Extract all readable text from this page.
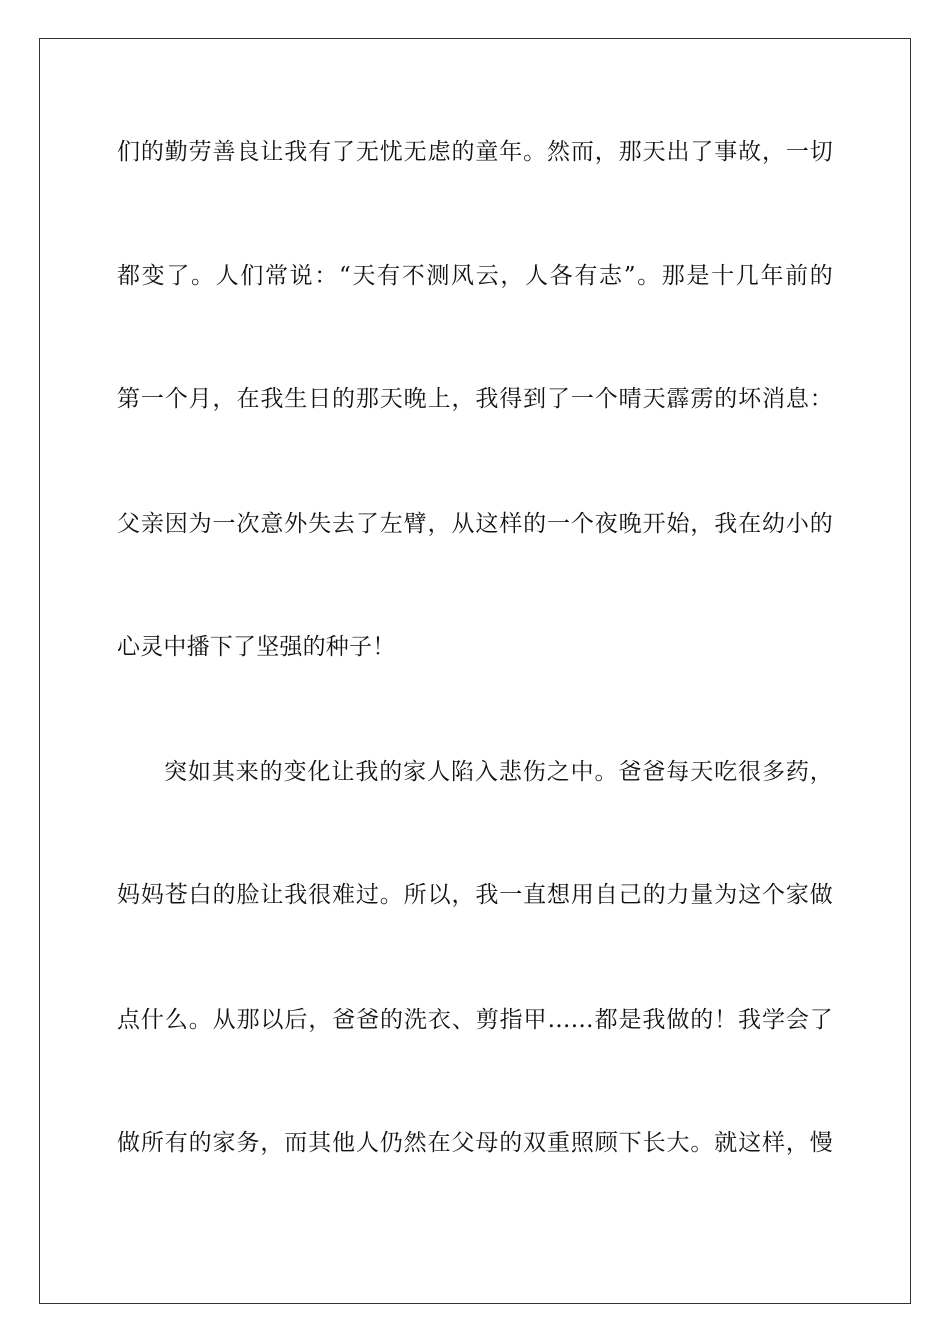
们的勤劳善良让我有了无忧无虑的童年。然而，那天出了事故，一切
都变了。人们常说：“天有不测风云，人各有志”。那是十几年前的
第一个月，在我生日的那天晚上，我得到了一个晴天霹雳的坏消息：
父亲因为一次意外失去了左臂，从这样的一个夜晚开始，我在幼小的
心灵中播下了坚强的种子！
突如其来的变化让我的家人陷入悲伤之中。爸爸每天吃很多药，
妈妈苍白的脸让我很难过。所以，我一直想用自己的力量为这个家做
点什么。从那以后，爸爸的洗衣、剪指甲……都是我做的！我学会了
做所有的家务，而其他人仍然在父母的双重照顾下长大。就这样，慢
